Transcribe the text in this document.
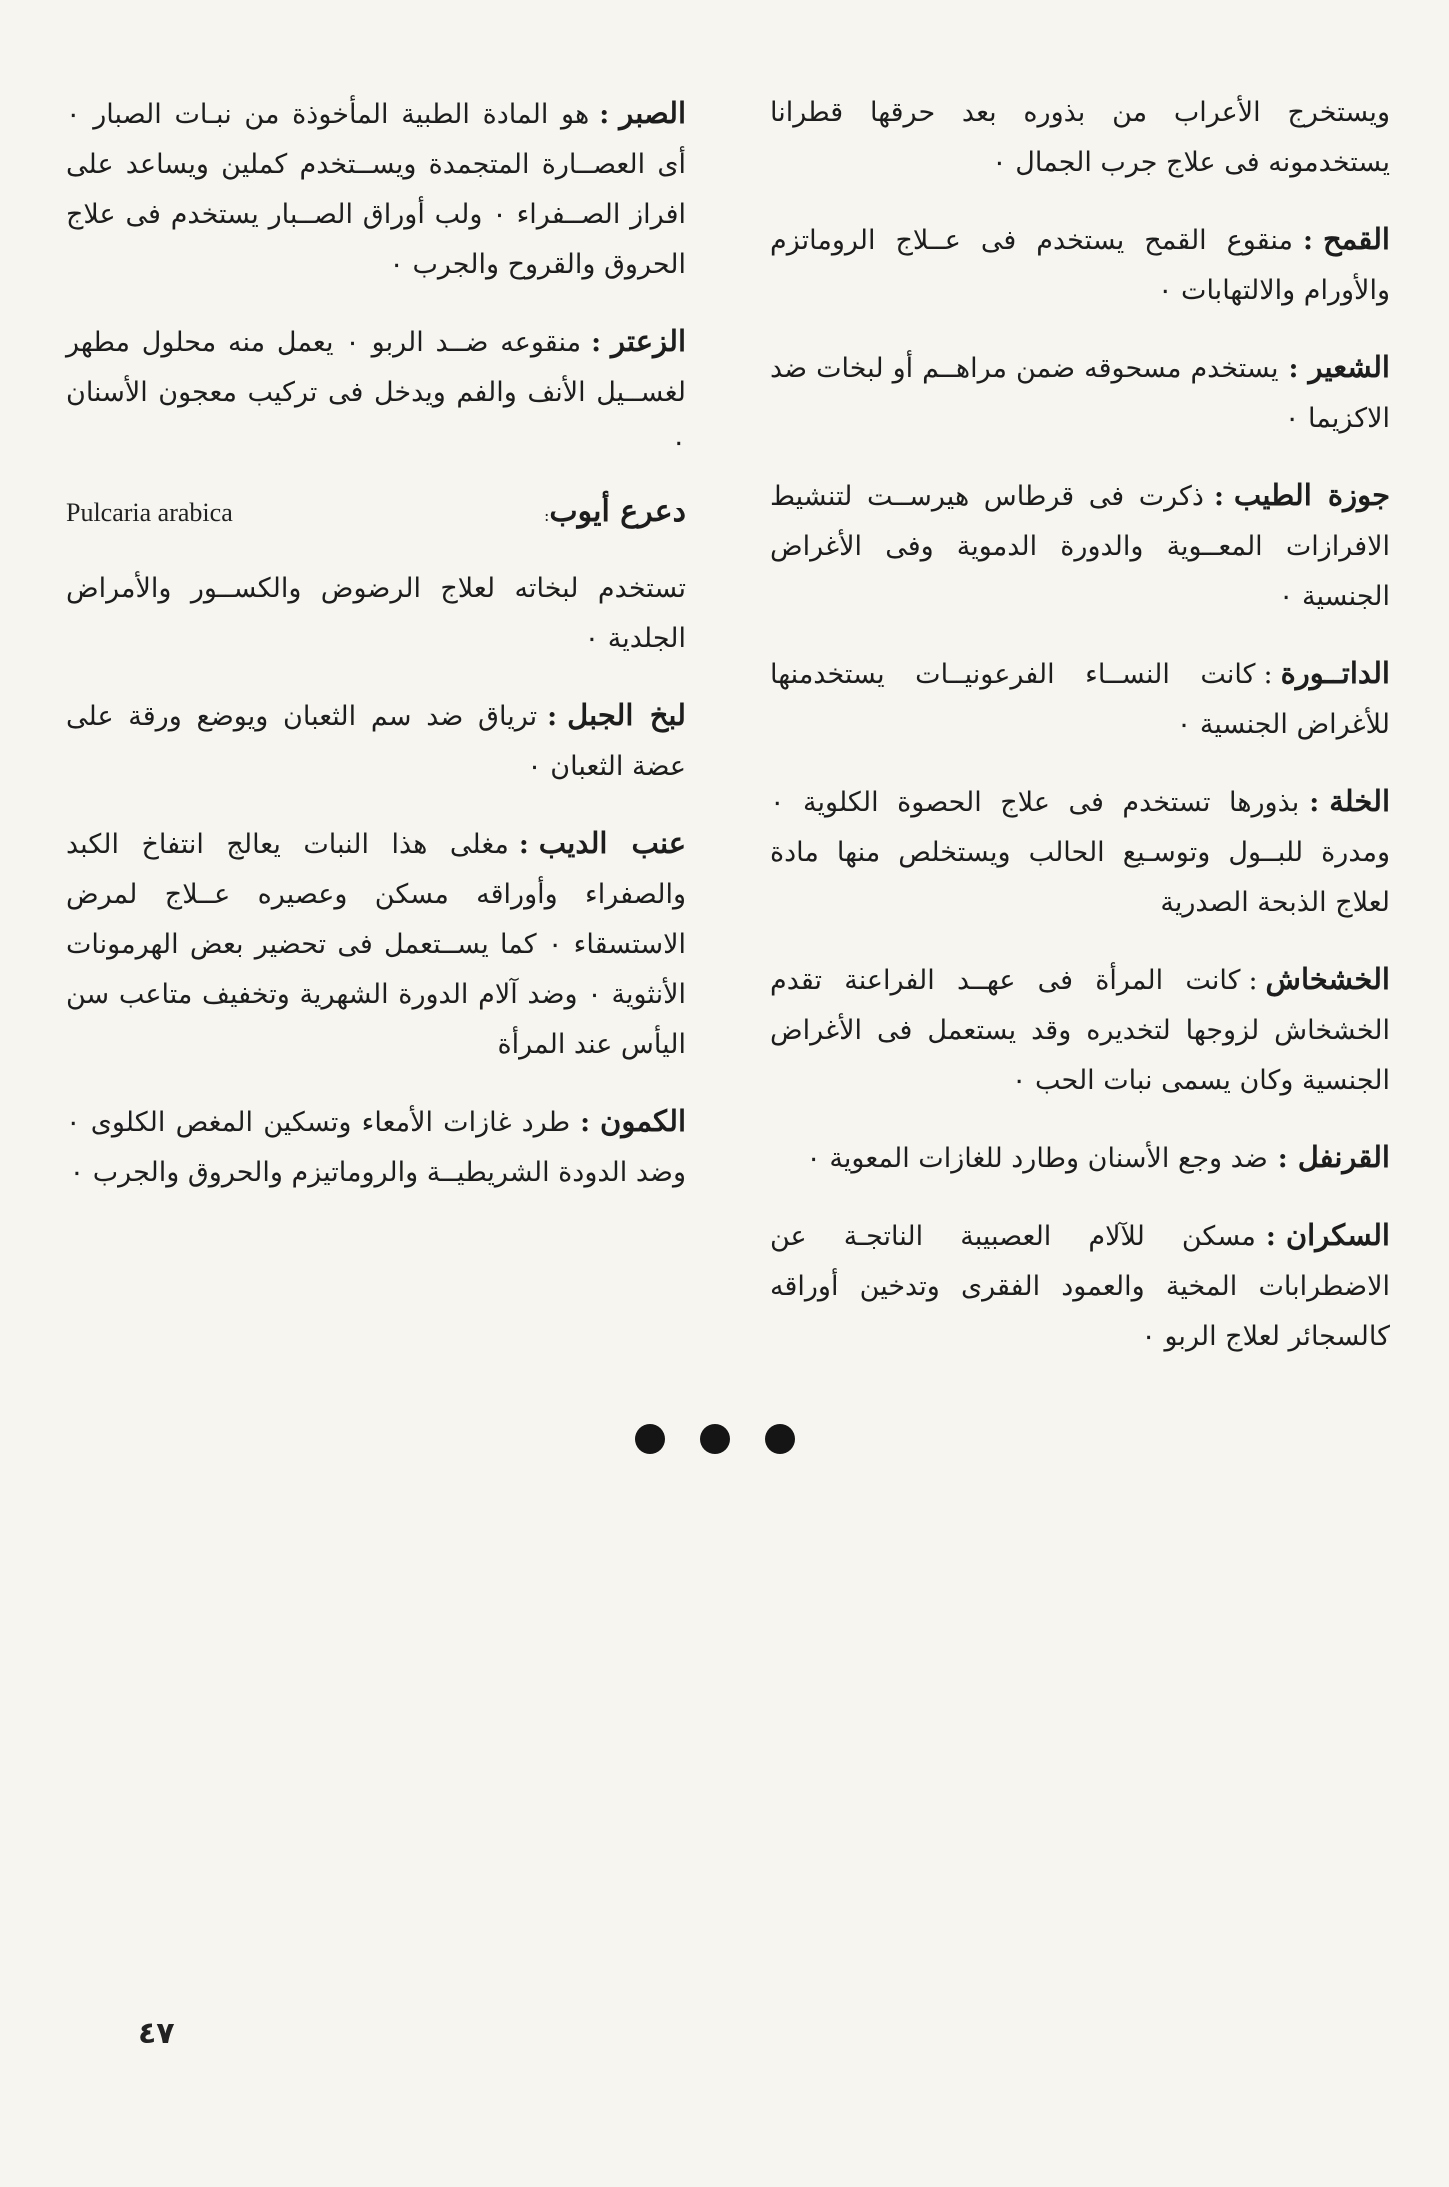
ويستخرج الأعراب من بذوره بعد حرقها قطرانا يستخدمونه فى علاج جرب الجمال ٠

القمح:منقوع القمح يستخدم فى عــلاج الروماتزم والأورام والالتهابات ٠

الشعير:يستخدم مسحوقه ضمن مراهــم أو لبخات ضد الاكزيما ٠

جوزة الطيب:ذكرت فى قرطاس هيرســت لتنشيط الافرازات المعــوية والدورة الدموية وفى الأغراض الجنسية ٠

الداتــورة:كانت النســاء الفرعونيــات يستخدمنها للأغراض الجنسية ٠

الخلة:بذورها تستخدم فى علاج الحصوة الكلوية ٠ ومدرة للبــول وتوسـيع الحالب ويستخلص منها مادة لعلاج الذبحة الصدرية

الخشخاش:كانت المرأة فى عهــد الفراعنة تقدم الخشخاش لزوجها لتخديره وقد يستعمل فى الأغراض الجنسية وكان يسمى نبات الحب ٠

القرنفل:ضد وجع الأسنان وطارد للغازات المعوية ٠

السكران:مسكن للآلام العصبيبة الناتجـة عن الاضطرابات المخية والعمود الفقرى وتدخين أوراقه كالسجائر لعلاج الربو ٠

الصبر:هو المادة الطبية المأخوذة من نبـات الصبار ٠ أى العصــارة المتجمدة ويســتخدم كملين ويساعد على افراز الصــفراء ٠ ولب أوراق الصــبار يستخدم فى علاج الحروق والقروح والجرب ٠

الزعتر:منقوعه ضــد الربو ٠ يعمل منه محلول مطهر لغســيل الأنف والفم ويدخل فى تركيب معجون الأسنان ٠

دعرع أيوب:
Pulcaria arabica

تستخدم لبخاته لعلاج الرضوض والكســور والأمراض الجلدية ٠

لبخ الجبل:ترياق ضد سم الثعبان ويوضع ورقة على عضة الثعبان ٠

عنب الديب:مغلى هذا النبات يعالج انتفاخ الكبد والصفراء وأوراقه مسكن وعصيره عــلاج لمرض الاستسقاء ٠ كما يســتعمل فى تحضير بعض الهرمونات الأنثوية ٠ وضد آلام الدورة الشهرية وتخفيف متاعب سن اليأس عند المرأة

الكمون:طرد غازات الأمعاء وتسكين المغص الكلوى ٠ وضد الدودة الشريطيــة والروماتيزم والحروق والجرب ٠

٤٧
